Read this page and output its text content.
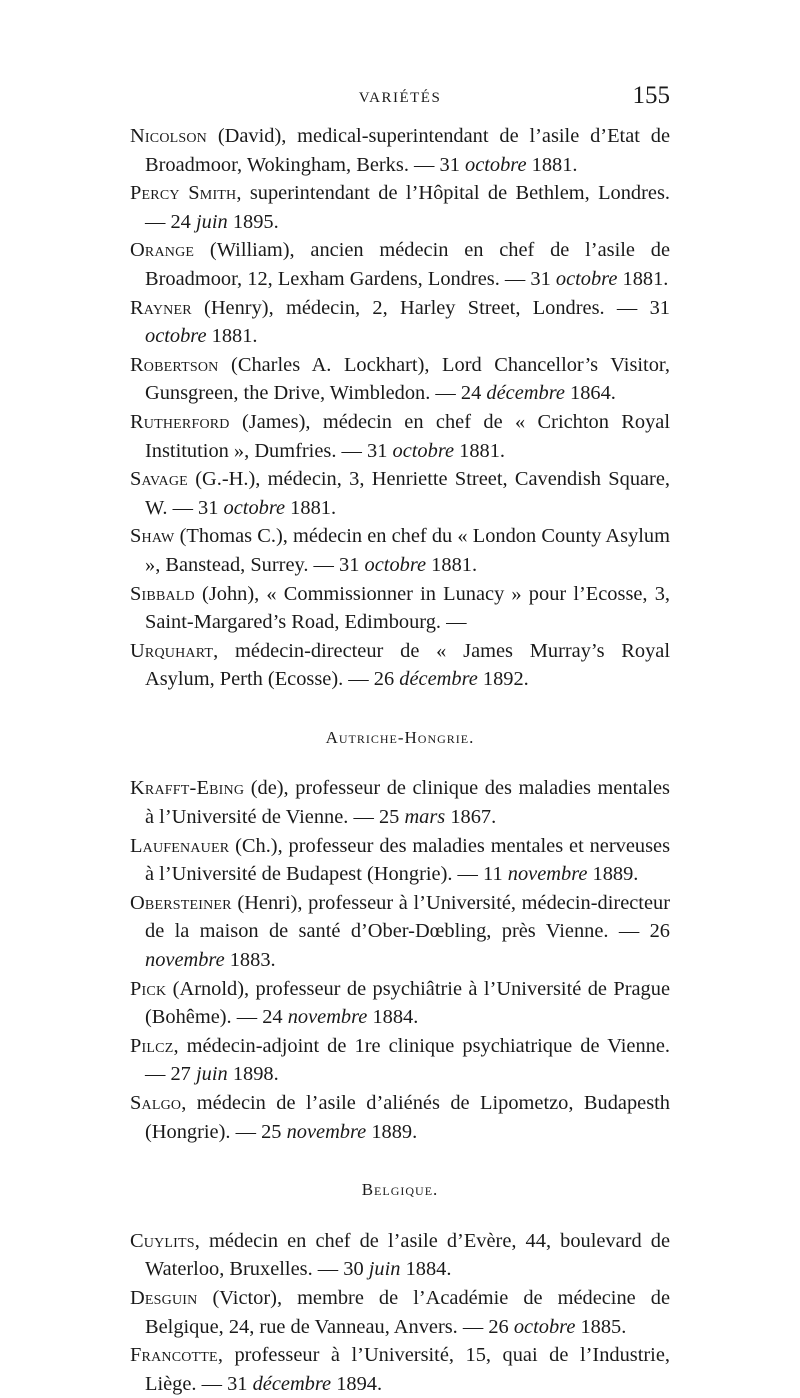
VARIÉTÉS	155

Nicolson (David), medical-superintendant de l’asile d’Etat de Broadmoor, Wokingham, Berks. — 31 octobre 1881.

Percy Smith, superintendant de l’Hôpital de Bethlem, Londres. — 24 juin 1895.

Orange (William), ancien médecin en chef de l’asile de Broadmoor, 12, Lexham Gardens, Londres. — 31 octobre 1881.

Rayner (Henry), médecin, 2, Harley Street, Londres. — 31 octobre 1881.

Robertson (Charles A. Lockhart), Lord Chancellor’s Visitor, Gunsgreen, the Drive, Wimbledon. — 24 décembre 1864.

Rutherford (James), médecin en chef de « Crichton Royal Institution », Dumfries. — 31 octobre 1881.

Savage (G.-H.), médecin, 3, Henriette Street, Cavendish Square, W. — 31 octobre 1881.

Shaw (Thomas C.), médecin en chef du « London County Asylum », Banstead, Surrey. — 31 octobre 1881.

Sibbald (John), « Commissionner in Lunacy » pour l’Ecosse, 3, Saint-Margared’s Road, Edimbourg. —

Urquhart, médecin-directeur de « James Murray’s Royal Asylum, Perth (Ecosse). — 26 décembre 1892.

Autriche-Hongrie.

Krafft-Ebing (de), professeur de clinique des maladies mentales à l’Université de Vienne. — 25 mars 1867.

Laufenauer (Ch.), professeur des maladies mentales et nerveuses à l’Université de Budapest (Hongrie). — 11 novembre 1889.

Obersteiner (Henri), professeur à l’Université, médecin-directeur de la maison de santé d’Ober-Dœbling, près Vienne. — 26 novembre 1883.

Pick (Arnold), professeur de psychiâtrie à l’Université de Prague (Bohême). — 24 novembre 1884.

Pilcz, médecin-adjoint de 1re clinique psychiatrique de Vienne. — 27 juin 1898.

Salgo, médecin de l’asile d’aliénés de Lipometzo, Budapesth (Hongrie). — 25 novembre 1889.

Belgique.

Cuylits, médecin en chef de l’asile d’Evère, 44, boulevard de Waterloo, Bruxelles. — 30 juin 1884.

Desguin (Victor), membre de l’Académie de médecine de Belgique, 24, rue de Vanneau, Anvers. — 26 octobre 1885.

Francotte, professeur à l’Université, 15, quai de l’Industrie, Liège. — 31 décembre 1894.
